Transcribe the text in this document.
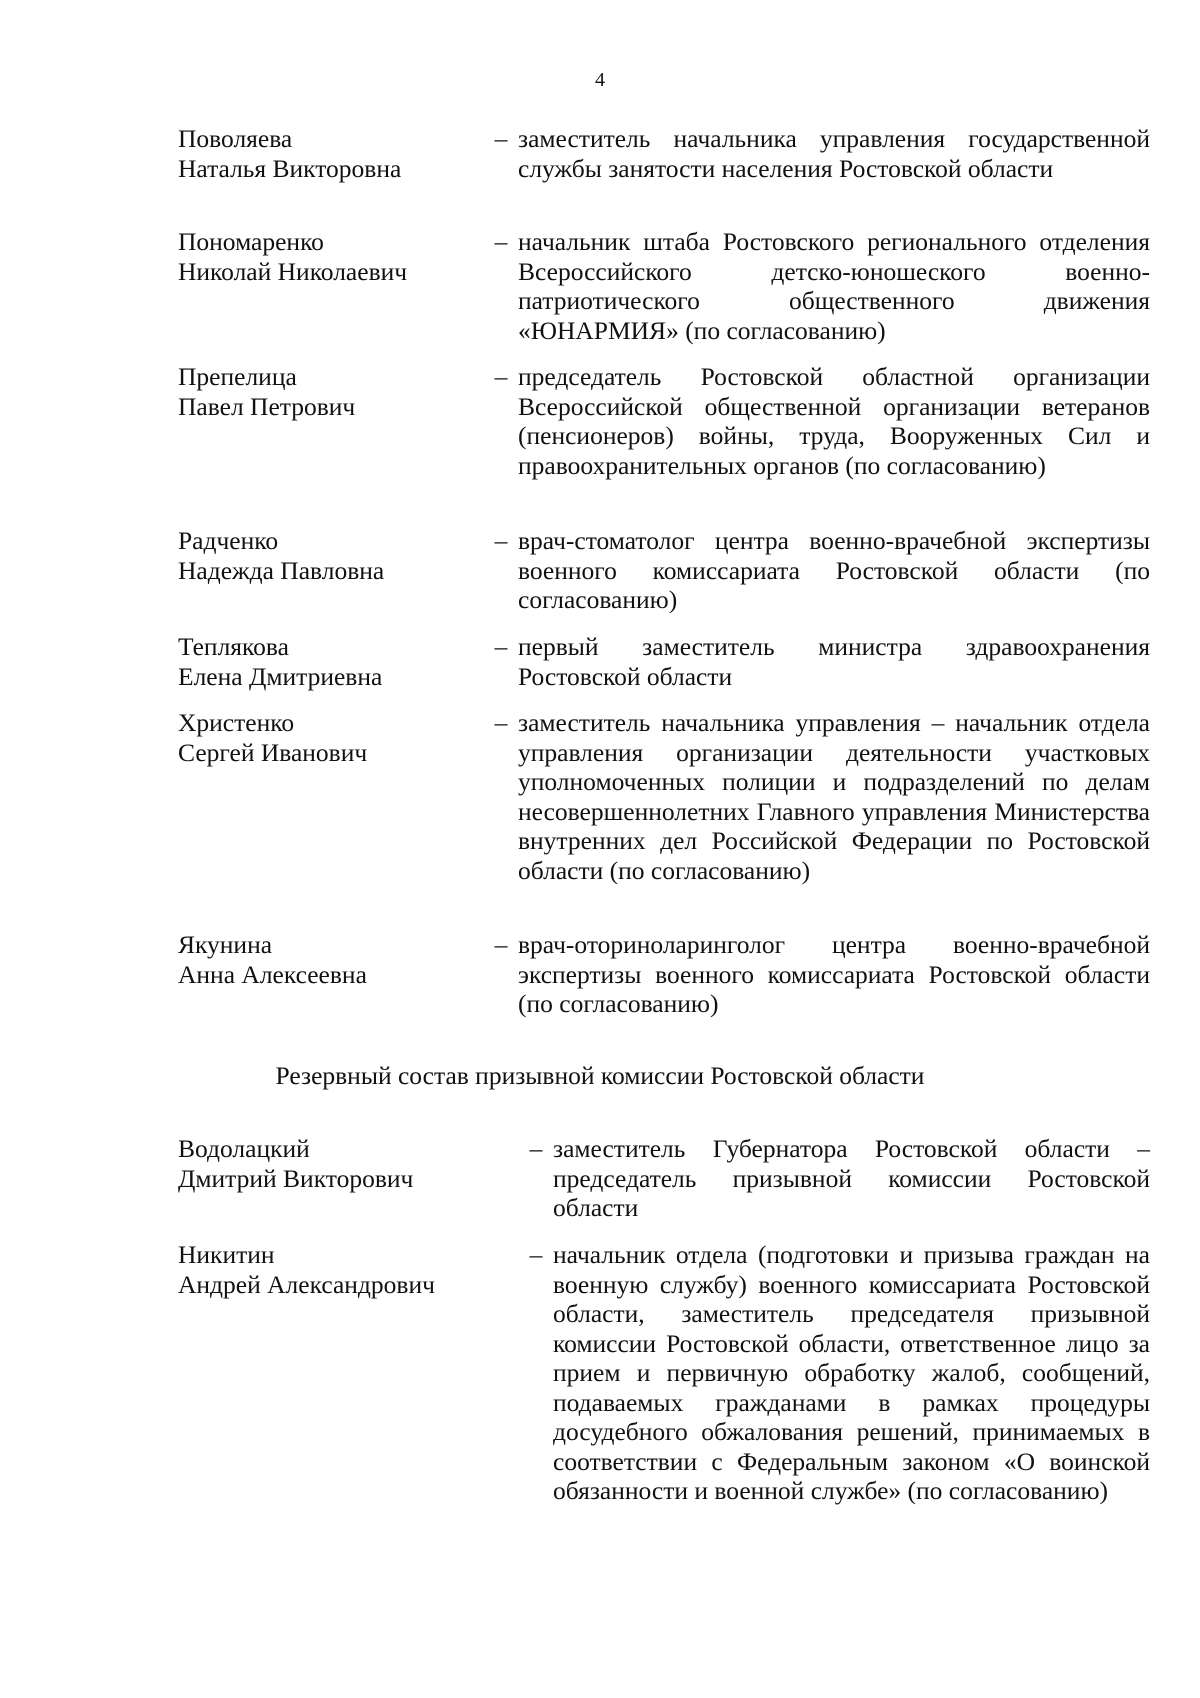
4
Поволяева
Наталья Викторовна
– заместитель начальника управления государственной службы занятости населения Ростовской области
Пономаренко
Николай Николаевич
– начальник штаба Ростовского регионального отделения Всероссийского детско-юношеского военно-патриотического общественного движения «ЮНАРМИЯ» (по согласованию)
Препелица
Павел Петрович
– председатель Ростовской областной организации Всероссийской общественной организации ветеранов (пенсионеров) войны, труда, Вооруженных Сил и правоохранительных органов (по согласованию)
Радченко
Надежда Павловна
– врач-стоматолог центра военно-врачебной экспертизы военного комиссариата Ростовской области (по согласованию)
Теплякова
Елена Дмитриевна
– первый заместитель министра здравоохранения Ростовской области
Христенко
Сергей Иванович
– заместитель начальника управления – начальник отдела управления организации деятельности участковых уполномоченных полиции и подразделений по делам несовершеннолетних Главного управления Министерства внутренних дел Российской Федерации по Ростовской области (по согласованию)
Якунина
Анна Алексеевна
– врач-оториноларинголог центра военно-врачебной экспертизы военного комиссариата Ростовской области (по согласованию)
Резервный состав призывной комиссии Ростовской области
Водолацкий
Дмитрий Викторович
– заместитель Губернатора Ростовской области – председатель призывной комиссии Ростовской области
Никитин
Андрей Александрович
– начальник отдела (подготовки и призыва граждан на военную службу) военного комиссариата Ростовской области, заместитель председателя призывной комиссии Ростовской области, ответственное лицо за прием и первичную обработку жалоб, сообщений, подаваемых гражданами в рамках процедуры досудебного обжалования решений, принимаемых в соответствии с Федеральным законом «О воинской обязанности и военной службе» (по согласованию)
